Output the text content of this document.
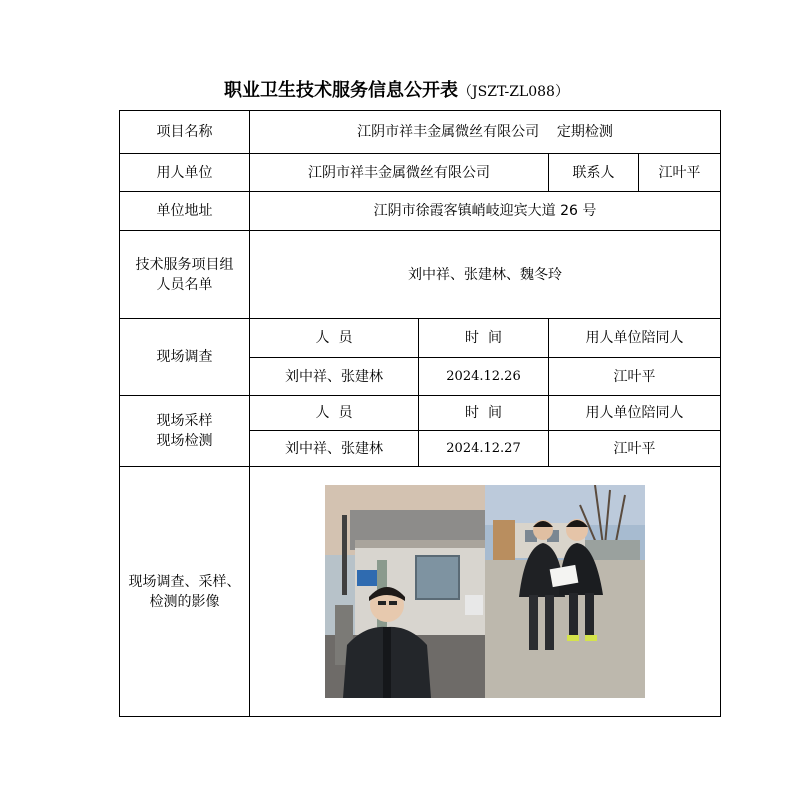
职业卫生技术服务信息公开表（JSZT-ZL088）
项目名称	江阴市祥丰金属微丝有限公司    定期检测			
用人单位	江阴市祥丰金属微丝有限公司		联系人	江叶平
单位地址	江阴市徐霞客镇峭岐迎宾大道 26 号			
技术服务项目组人员名单	刘中祥、张建林、魏冬玲			
现场调查	人  员	时  间	用人单位陪同人	
	刘中祥、张建林	2024.12.26	江叶平	
现场采样现场检测	人  员	时  间	用人单位陪同人	
	刘中祥、张建林	2024.12.27	江叶平	
现场调查、采样、检测的影像	
